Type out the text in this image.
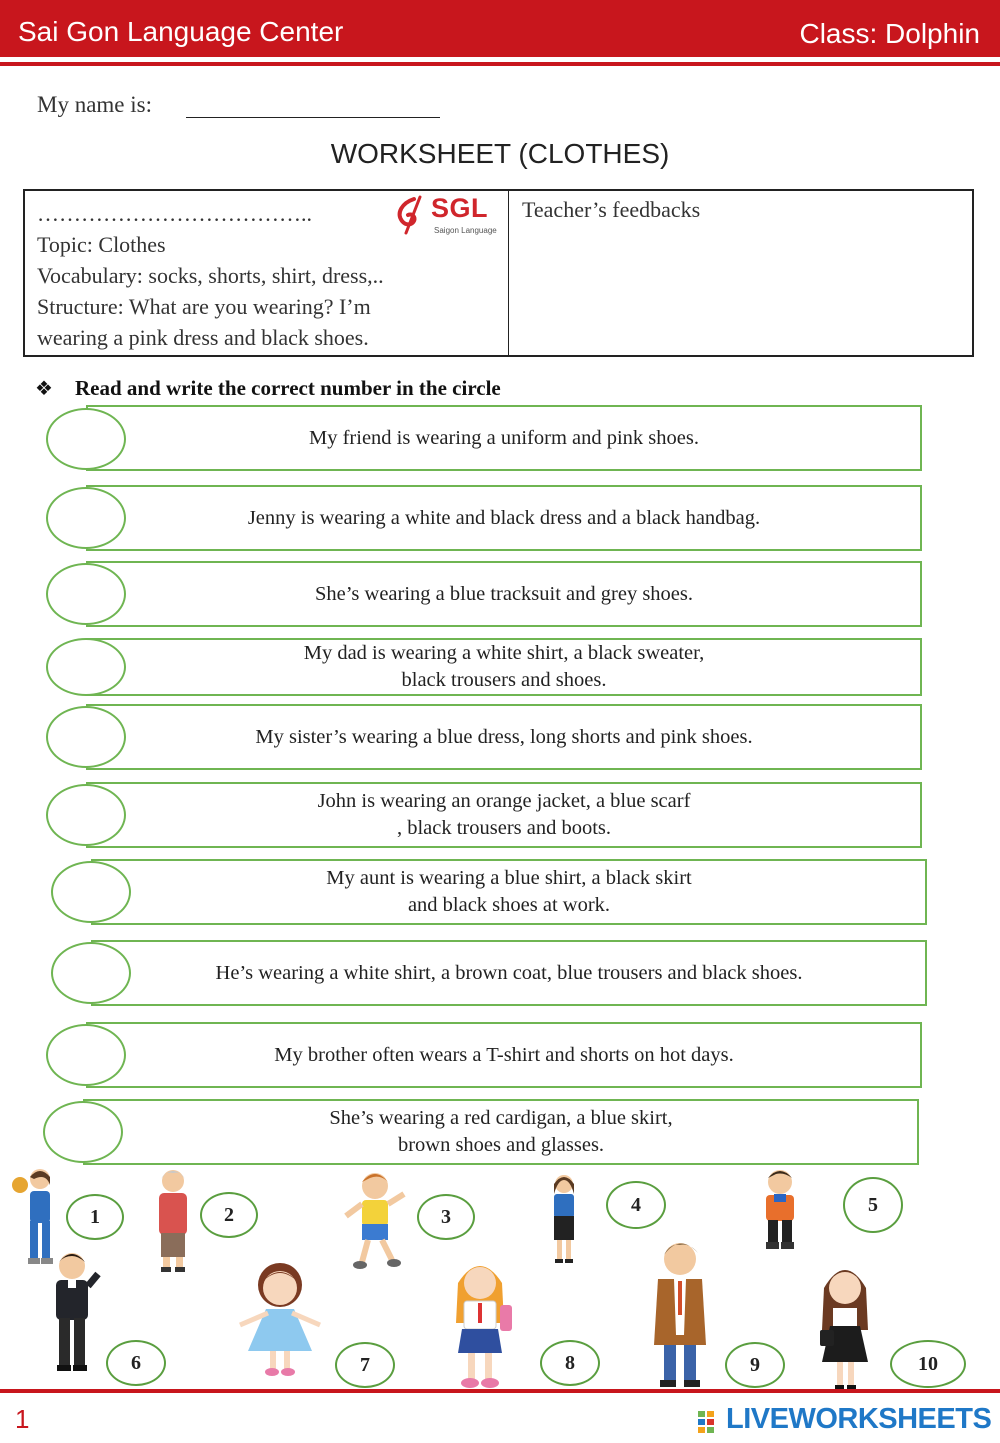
Sai Gon Language Center	Class: Dolphin
My name is:
WORKSHEET (CLOTHES)
………………………………..
Topic: Clothes
Vocabulary: socks, shorts, shirt, dress,..
Structure: What are you wearing? I’m
wearing a pink dress and black shoes.
SGL
Saigon Language
Teacher’s feedbacks
❖ Read and write the correct number in the circle
My friend is wearing a uniform and pink shoes.
Jenny is wearing a white and black dress and a black handbag.
She’s wearing a blue tracksuit and grey shoes.
My dad is wearing a white shirt, a black sweater,
black trousers and shoes.
My sister’s wearing a blue dress, long shorts and pink shoes.
John is wearing an orange jacket, a blue scarf
, black trousers and boots.
My aunt is wearing a blue shirt, a black skirt
and black shoes at work.
He’s wearing a white shirt, a brown coat, blue trousers and black shoes.
My brother often wears a T-shirt and shorts on hot days.
She’s wearing a red cardigan, a blue skirt,
brown shoes and glasses.
1	2	3
4	5
6	7	8	9	10
1	LIVEWORKSHEETS
